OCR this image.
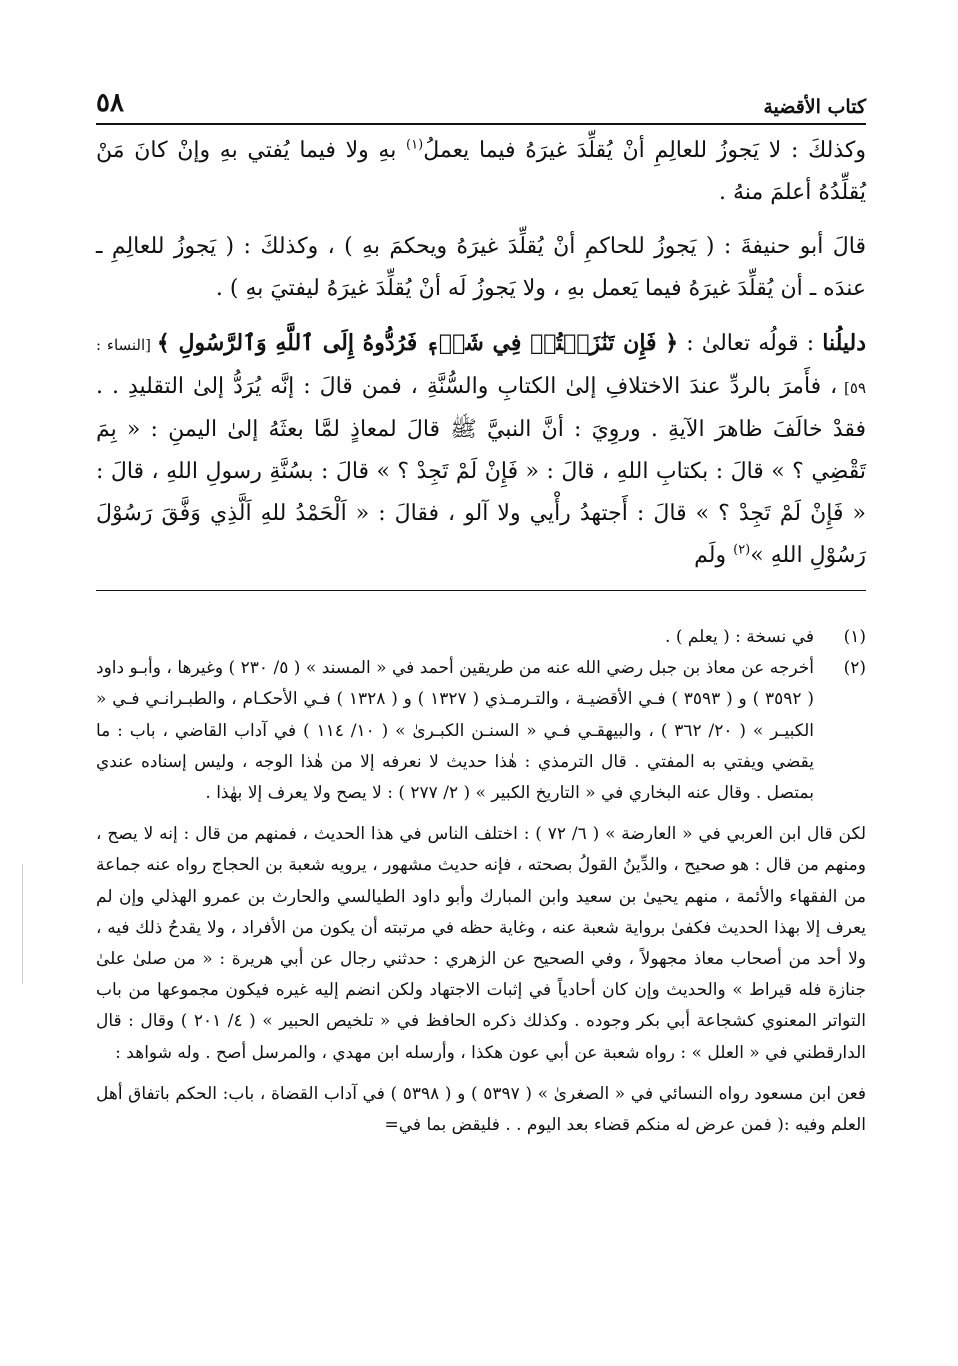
كتاب الأقضية
٥٨

وكذلكَ : لا يَجوزُ للعالِمِ أنْ يُقلِّدَ غيرَهُ فيما يعملُ$^{(١)}$ بهِ ولا فيما يُفتي بهِ وإنْ كانَ مَنْ يُقلِّدُهُ أعلمَ منهُ .

قالَ أبو حنيفةَ : ( يَجوزُ للحاكمِ أنْ يُقلِّدَ غيرَهُ ويحكمَ بهِ ) ، وكذلكَ : ( يَجوزُ للعالِمِ ـ عندَه ـ أن يُقلِّدَ غيرَهُ فيما يَعمل بهِ ، ولا يَجوزُ لَه أنْ يُقلِّدَ غيرَهُ ليفتيَ بهِ ) .

دليلُنا : قولُه تعالىٰ : ﴿ فَإِن تَنَٰزَعۡتُمۡ فِي شَيۡءٖ فَرُدُّوهُ إِلَى ٱللَّهِ وَٱلرَّسُولِ ﴾ [النساء : ٥٩] ، فأَمرَ بالردِّ عندَ الاختلافِ إلىٰ الكتابِ والسُّنَّةِ ، فمن قالَ : إنَّه يُرَدُّ إلىٰ التقليدِ . . فقدْ خالَفَ ظاهرَ الآيةِ . وروِيَ : أنَّ النبيَّ ﷺ قالَ لمعاذٍ لمَّا بعثَهُ إلىٰ اليمنِ : « بِمَ تَقْضِي ؟ » قالَ : بكتابِ اللهِ ، قالَ : « فَإِنْ لَمْ تَجِدْ ؟ » قالَ : بسُنَّةِ رسولِ اللهِ ، قالَ : « فَإِنْ لَمْ تَجِدْ ؟ » قالَ : أَجتهدُ رأْيي ولا آلو ، فقالَ : « اَلْحَمْدُ للهِ اَلَّذِي وَفَّقَ رَسُوْلَ رَسُوْلِ اللهِ »$^{(٢)}$ ولَم

(١)
في نسخة : ( يعلم ) .
(٢)
أخرجه عن معاذ بن جبل رضي الله عنه من طريقين أحمد في « المسند » ( ٥/ ٢٣٠ ) وغيرها ، وأبـو داود ( ٣٥٩٢ ) و ( ٣٥٩٣ ) فـي الأقضيـة ، والتـرمـذي ( ١٣٢٧ ) و ( ١٣٢٨ ) فـي الأحكـام ، والطبـرانـي فـي « الكبيـر » ( ٢٠/ ٣٦٢ ) ، والبيهقـي فـي « السنـن الكبـرىٰ » ( ١٠/ ١١٤ ) في آداب القاضي ، باب : ما يقضي ويفتي به المفتي . قال الترمذي : هٰذا حديث لا نعرفه إلا من هٰذا الوجه ، وليس إسناده عندي بمتصل . وقال عنه البخاري في « التاريخ الكبير » ( ٢/ ٢٧٧ ) : لا يصح ولا يعرف إلا بهٰذا .

لكن قال ابن العربي في « العارضة » ( ٦/ ٧٢ ) : اختلف الناس في هذا الحديث ، فمنهم من قال : إنه لا يصح ، ومنهم من قال : هو صحيح ، والدِّينُ القولُ بصحته ، فإنه حديث مشهور ، يرويه شعبة بن الحجاج رواه عنه جماعة من الفقهاء والأئمة ، منهم يحيىٰ بن سعيد وابن المبارك وأبو داود الطيالسي والحارث بن عمرو الهذلي وإن لم يعرف إلا بهذا الحديث فكفىٰ برواية شعبة عنه ، وغاية حظه في مرتبته أن يكون من الأفراد ، ولا يقدحُ ذلك فيه ، ولا أحد من أصحاب معاذ مجهولاً ، وفي الصحيح عن الزهري : حدثني رجال عن أبي هريرة : « من صلىٰ علىٰ جنازة فله قيراط » والحديث وإن كان أحادياً في إثبات الاجتهاد ولكن انضم إليه غيره فيكون مجموعها من باب التواتر المعنوي كشجاعة أبي بكر وجوده . وكذلك ذكره الحافظ في « تلخيص الحبير » ( ٤/ ٢٠١ ) وقال : قال الدارقطني في « العلل » : رواه شعبة عن أبي عون هكذا ، وأرسله ابن مهدي ، والمرسل أصح . وله شواهد :

فعن ابن مسعود رواه النسائي في « الصغرىٰ » ( ٥٣٩٧ ) و ( ٥٣٩٨ ) في آداب القضاة ، باب: الحكم باتفاق أهل العلم وفيه :( فمن عرض له منكم قضاء بعد اليوم . . فليقض بما في=
